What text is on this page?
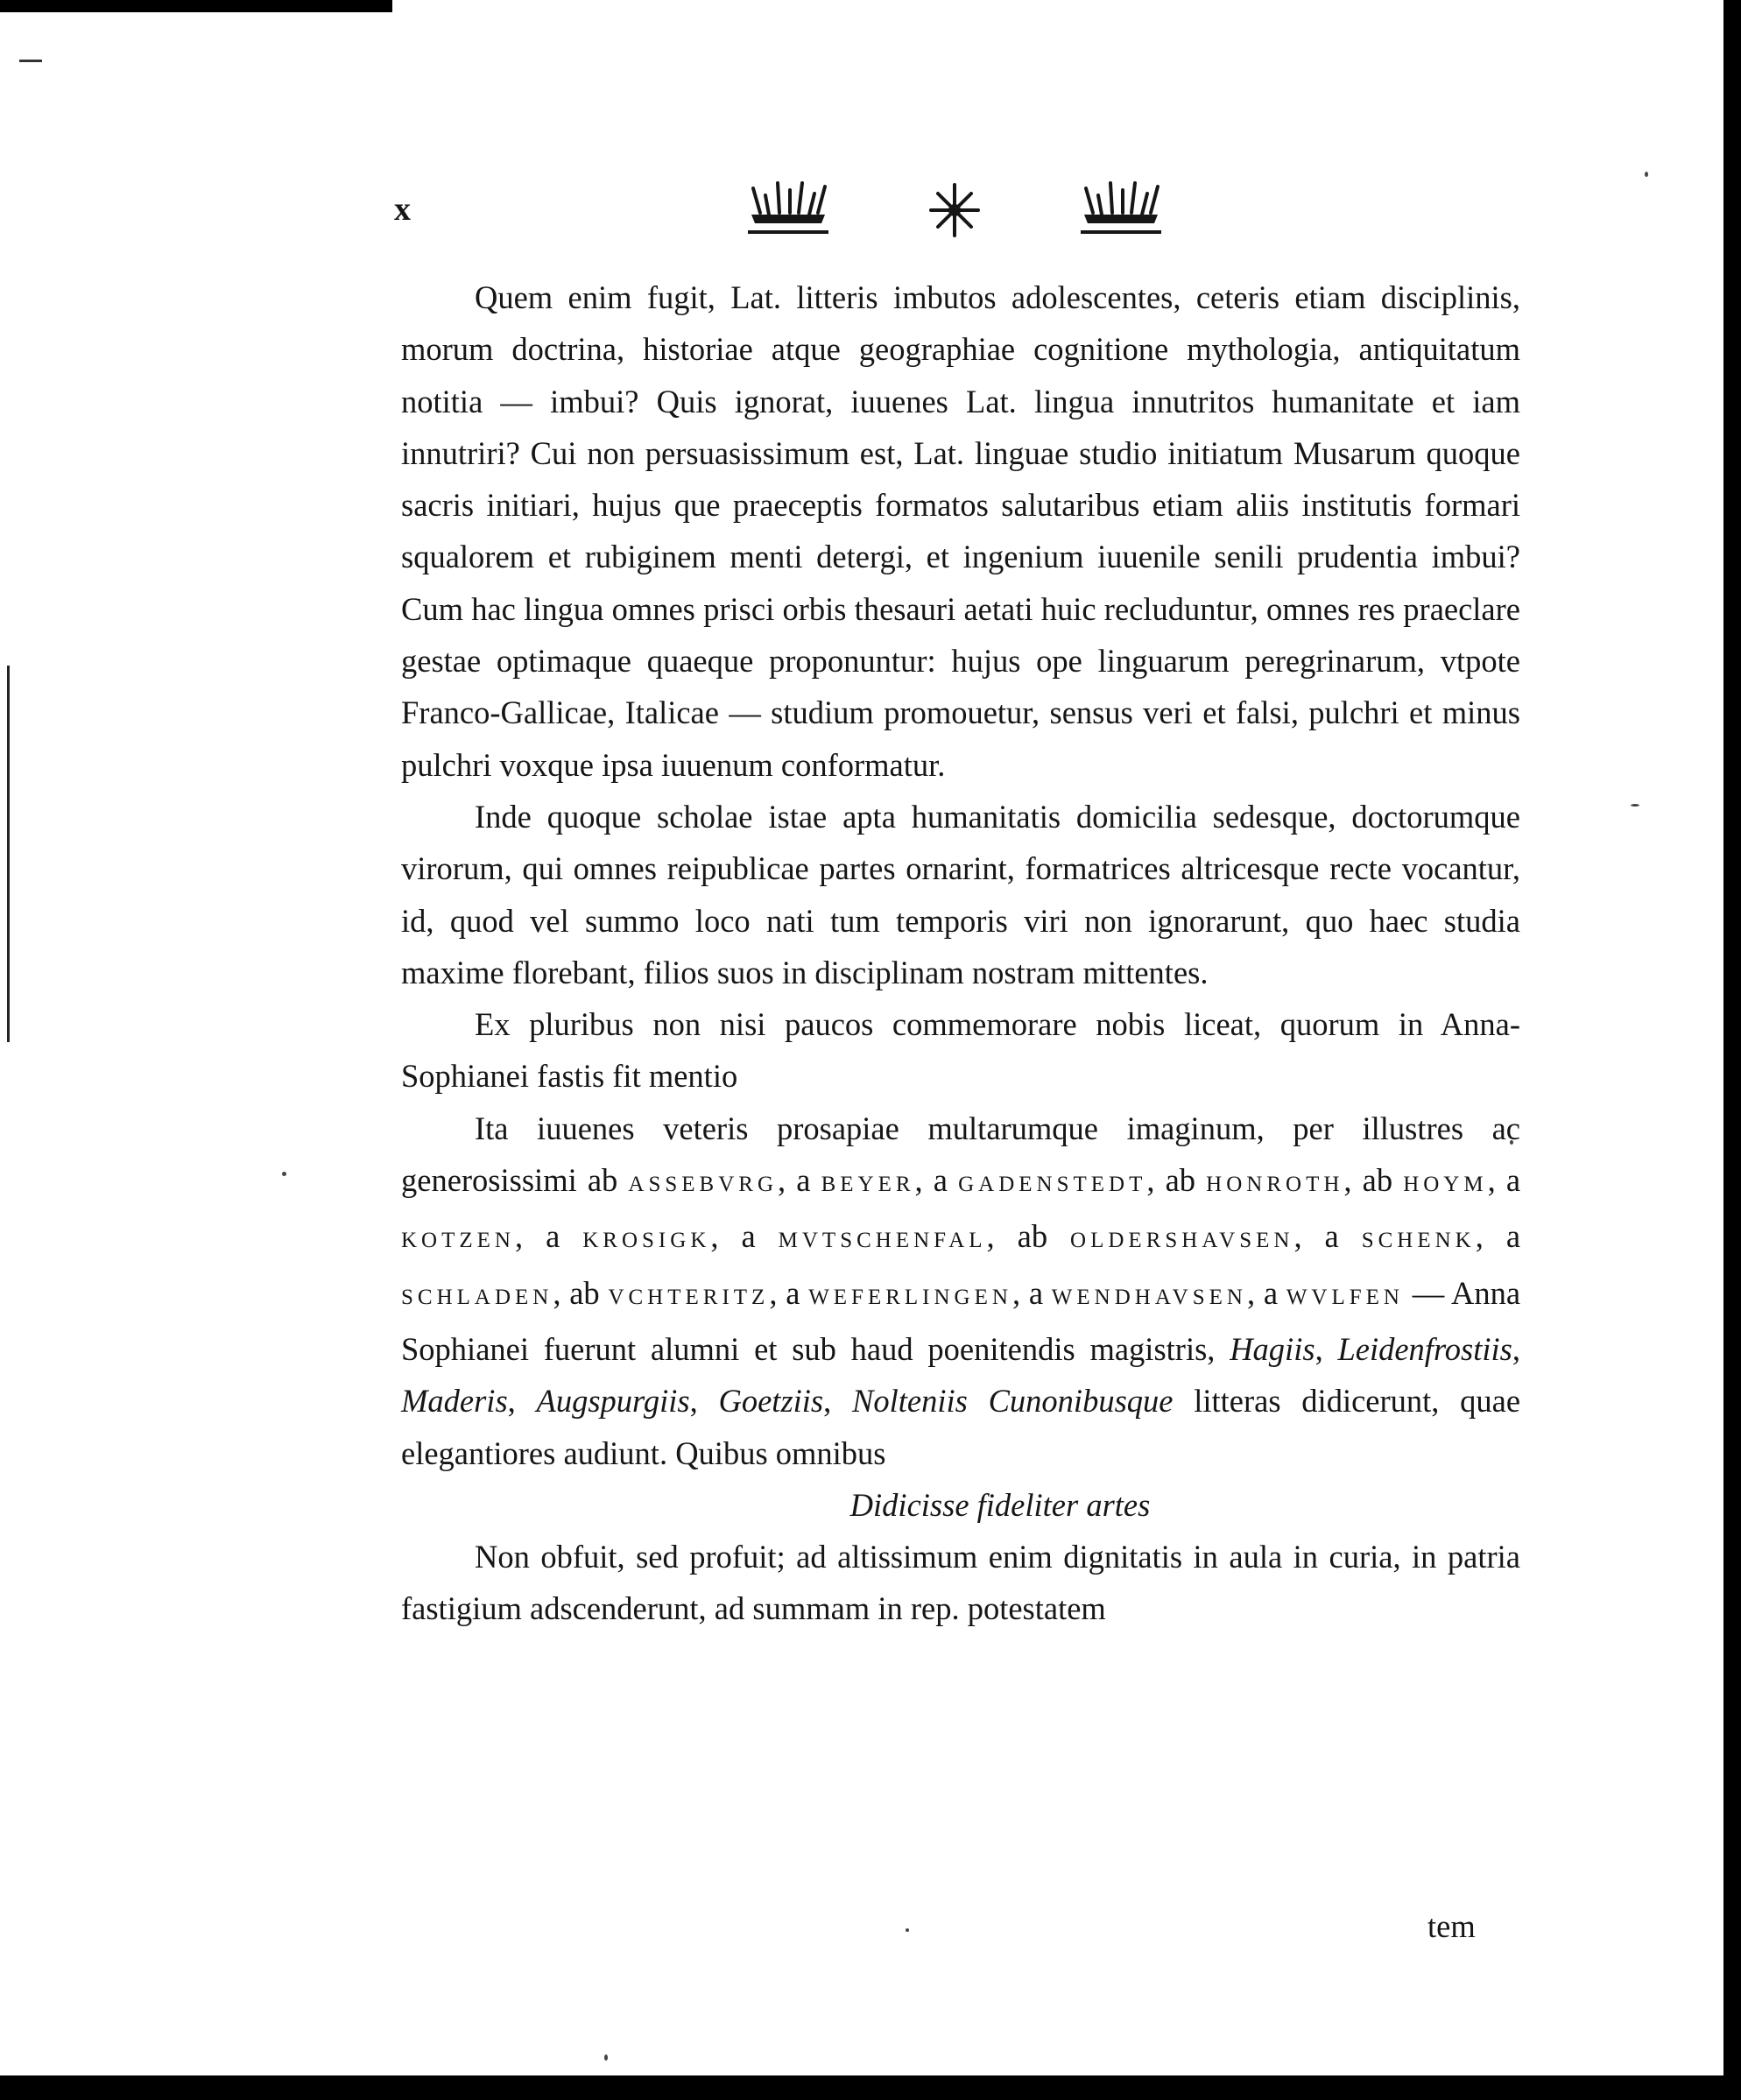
x

Quem enim fugit, Lat. litteris imbutos adolescentes, ceteris etiam disciplinis, morum doctrina, historiae atque geographiae cognitione mythologia, antiquitatum notitia — imbui? Quis ignorat, iuuenes Lat. lingua innutritos humanitate et iam innutriri? Cui non persuasissimum est, Lat. linguae studio initiatum Musarum quoque sacris initiari, hujus que praeceptis formatos salutaribus etiam aliis institutis formari squalorem et rubiginem menti detergi, et ingenium iuuenile senili prudentia imbui? Cum hac lingua omnes prisci orbis thesauri aetati huic recluduntur, omnes res praeclare gestae optimaque quaeque proponuntur: hujus ope linguarum peregrinarum, vtpote Franco-Gallicae, Italicae — studium promouetur, sensus veri et falsi, pulchri et minus pulchri voxque ipsa iuuenum conformatur.

Inde quoque scholae istae apta humanitatis domicilia sedesque, doctorumque virorum, qui omnes reipublicae partes ornarint, formatrices altricesque recte vocantur, id, quod vel summo loco nati tum temporis viri non ignorarunt, quo haec studia maxime florebant, filios suos in disciplinam nostram mittentes.

Ex pluribus non nisi paucos commemorare nobis liceat, quorum in Anna-Sophianei fastis fit mentio

Ita iuuenes veteris prosapiae multarumque imaginum, per illustres ac generosissimi ab ASSEBVRG, a BEYER, a GADENSTEDT, ab HONROTH, ab HOYM, a KOTZEN, a KROSIGK, a MVTSCHENFAL, ab OLDERSHAVSEN, a SCHENK, a SCHLADEN, ab VCHTERITZ, a WEFERLINGEN, a WENDHAVSEN, a WVLFEN — Anna Sophianei fuerunt alumni et sub haud poenitendis magistris, Hagiis, Leidenfrostiis, Maderis, Augspurgiis, Goetziis, Nolteniis Cunonibusque litteras didicerunt, quae elegantiores audiunt. Quibus omnibus

Didicisse fideliter artes

Non obfuit, sed profuit; ad altissimum enim dignitatis in aula in curia, in patria fastigium adscenderunt, ad summam in rep. potestatem

tem
